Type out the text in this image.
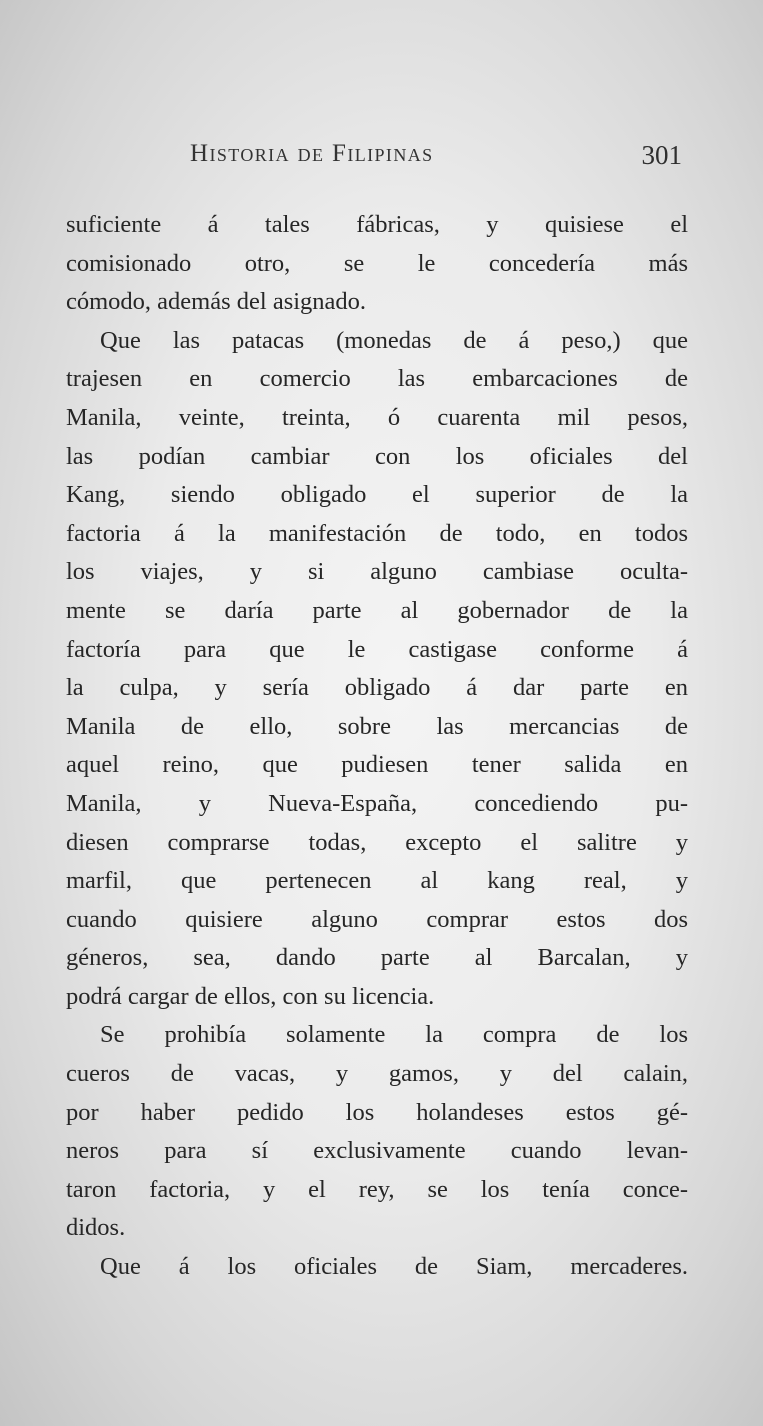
Historia de Filipinas	301
suficiente á tales fábricas, y quisiese el
comisionado otro, se le concedería más
cómodo, además del asignado.
Que las patacas (monedas de á peso,) que
trajesen en comercio las embarcaciones de
Manila, veinte, treinta, ó cuarenta mil pesos,
las podían cambiar con los oficiales del
Kang, siendo obligado el superior de la
factoria á la manifestación de todo, en todos
los viajes, y si alguno cambiase oculta-
mente se daría parte al gobernador de la
factoría para que le castigase conforme á
la culpa, y sería obligado á dar parte en
Manila de ello, sobre las mercancias de
aquel reino, que pudiesen tener salida en
Manila, y Nueva-España, concediendo pu-
diesen comprarse todas, excepto el salitre y
marfil, que pertenecen al kang real, y
cuando quisiere alguno comprar estos dos
géneros, sea, dando parte al Barcalan, y
podrá cargar de ellos, con su licencia.
Se prohibía solamente la compra de los
cueros de vacas, y gamos, y del calain,
por haber pedido los holandeses estos gé-
neros para sí exclusivamente cuando levan-
taron factoria, y el rey, se los tenía conce-
didos.
Que á los oficiales de Siam, mercaderes.
